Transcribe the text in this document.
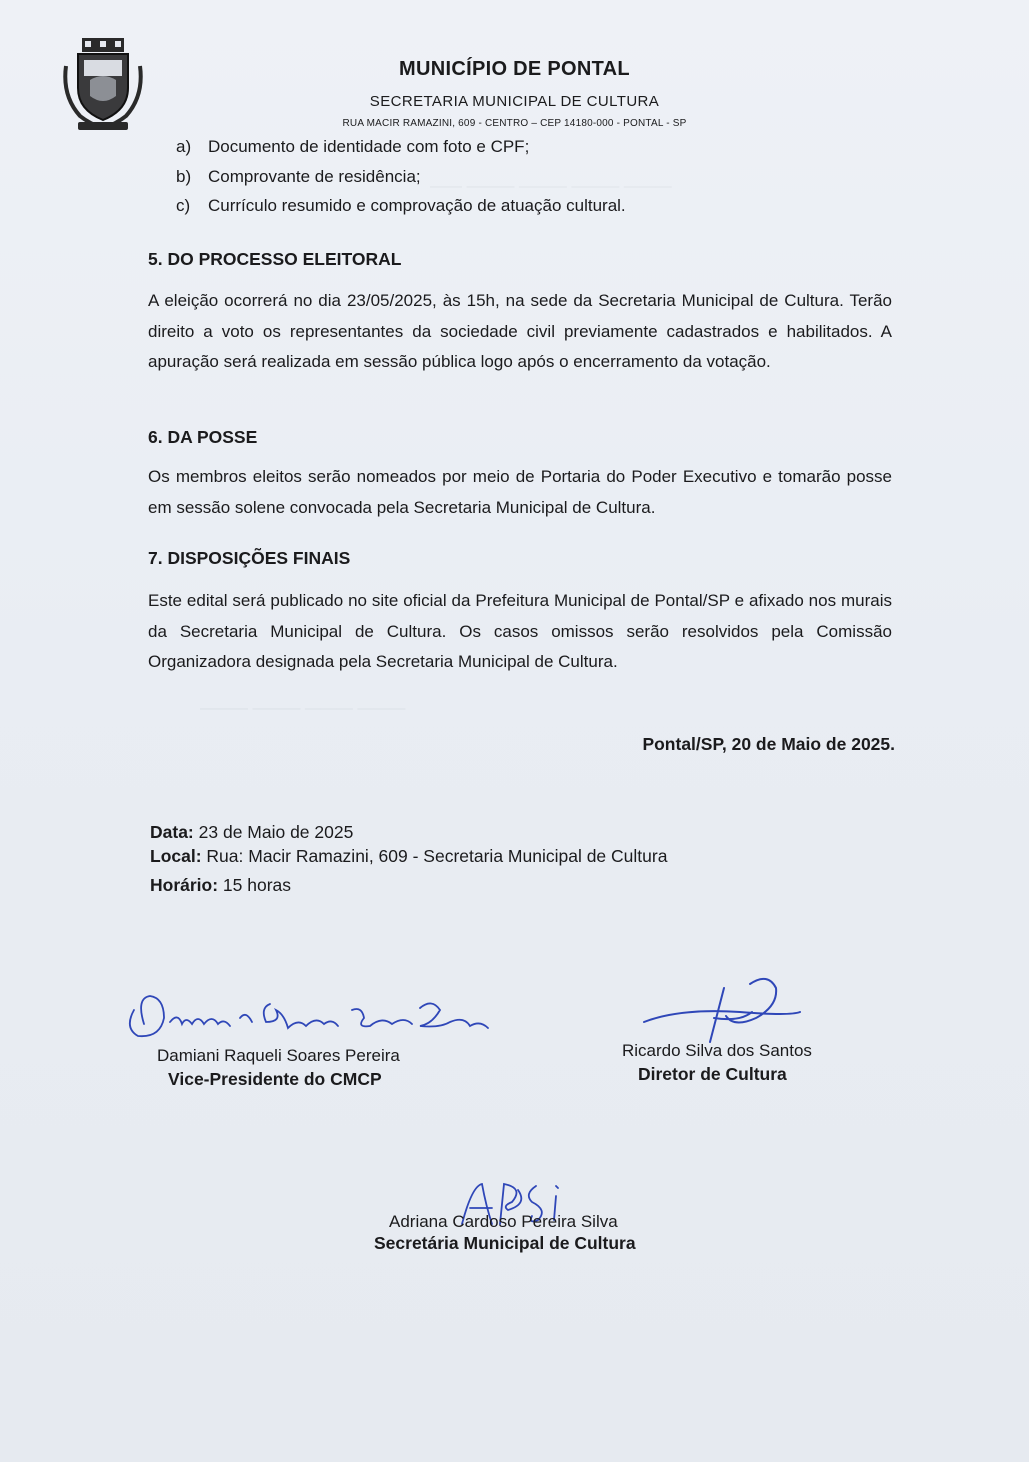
—— ——— ——— ——— ———
——— ——— ——— ———
MUNICÍPIO DE PONTAL
SECRETARIA MUNICIPAL DE CULTURA
RUA MACIR RAMAZINI, 609 - CENTRO – CEP 14180-000 - PONTAL - SP
a) Documento de identidade com foto e CPF;
b) Comprovante de residência;
c) Currículo resumido e comprovação de atuação cultural.
5. DO PROCESSO ELEITORAL
A eleição ocorrerá no dia 23/05/2025, às 15h, na sede da Secretaria Municipal de Cultura. Terão direito a voto os representantes da sociedade civil previamente cadastrados e habilitados. A apuração será realizada em sessão pública logo após o encerramento da votação.
6. DA POSSE
Os membros eleitos serão nomeados por meio de Portaria do Poder Executivo e tomarão posse em sessão solene convocada pela Secretaria Municipal de Cultura.
7. DISPOSIÇÕES FINAIS
Este edital será publicado no site oficial da Prefeitura Municipal de Pontal/SP e afixado nos murais da Secretaria Municipal de Cultura. Os casos omissos serão resolvidos pela Comissão Organizadora designada pela Secretaria Municipal de Cultura.
Pontal/SP, 20 de Maio de 2025.
Data: 23 de Maio de 2025
Local: Rua: Macir Ramazini, 609 - Secretaria Municipal de Cultura
Horário: 15 horas
Damiani Raqueli Soares Pereira
Vice-Presidente do CMCP
Ricardo Silva dos Santos
Diretor de Cultura
Adriana Cardoso Pereira Silva
Secretária Municipal de Cultura
